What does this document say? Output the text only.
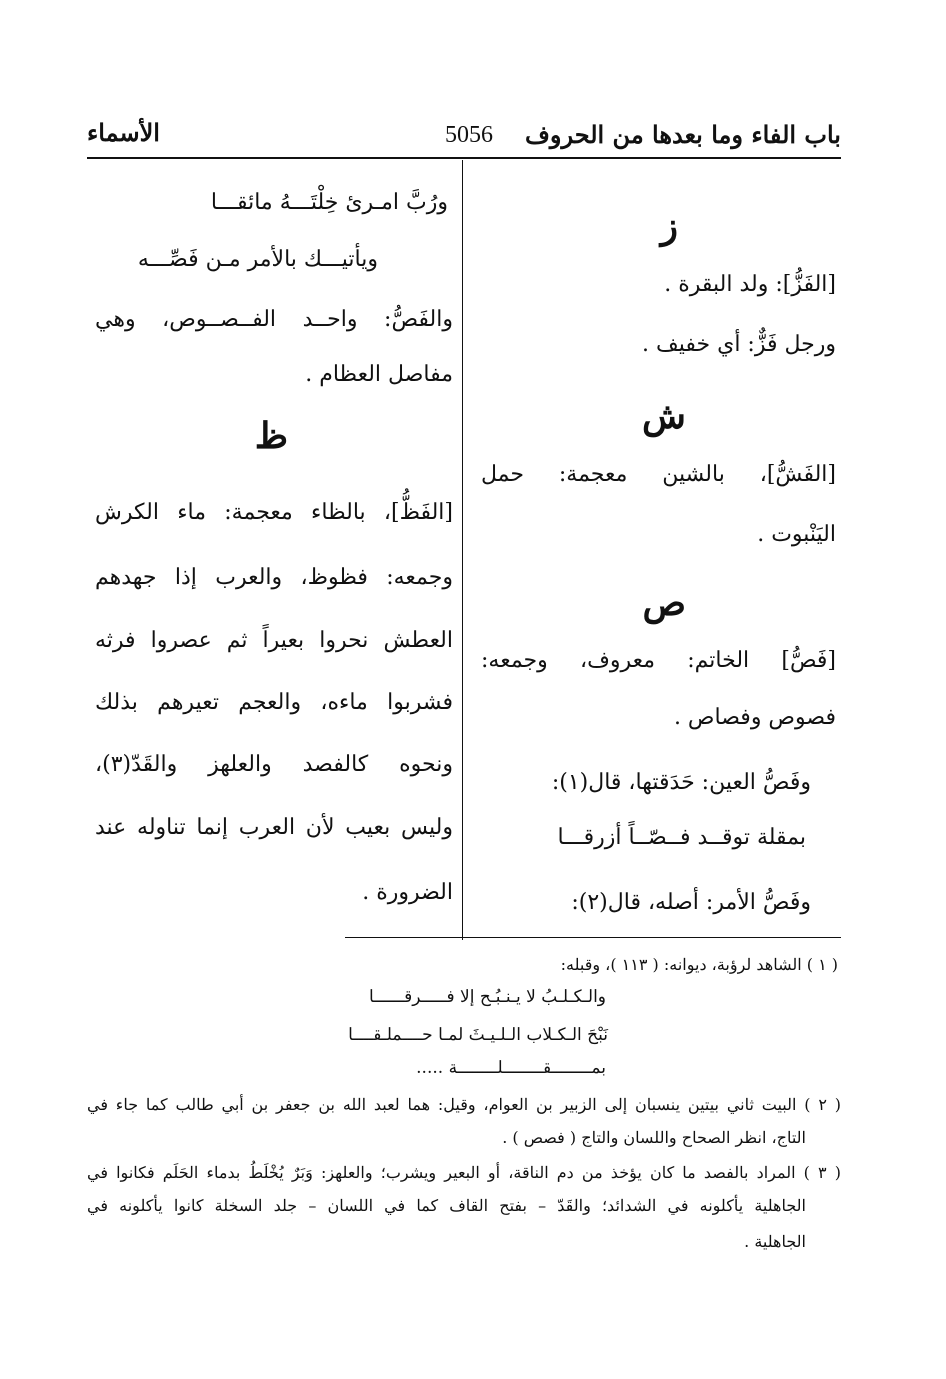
باب الفاء وما بعدها من الحروف
5056
الأسماء
ز
[الفَزُّ]: ولد البقرة .
ورجل فَزٌّ: أي خفيف .
ش
[الفَشُّ]، بالشين معجمة: حمل
اليَنْبوت .
ص
[فَصُّ] الخاتم: معروف، وجمعه:
فصوص وفصاص .
وفَصُّ العين: حَدَقتها، قال(١):
بمقلة توقــد فــصّــاً أزرقـــا
وفَصُّ الأمر: أصله، قال(٢):
ورُبَّ امـرئ خِلْتَـــهُ مائقـــا
ويأتيـــك بالأمر مـن فَصِّـــه
والفَصُّ: واحــد الفــصــوص، وهي
مفاصل العظام .
ظ
[الفَظُّ]، بالظاء معجمة: ماء الكرش
وجمعه: فظوظ، والعرب إذا جهدهم
العطش نحروا بعيراً ثم عصروا فرثه
فشربوا ماءه، والعجم تعيرهم بذلك
ونحوه كالفصد والعلهز والقَدّ(٣)،
وليس بعيب لأن العرب إنما تناوله عند
الضرورة .
( ١ ) الشاهد لرؤبة، ديوانه: ( ١١٣ )، وقبله:
والـكـلـبُ لا يـنـبُـح إلا فـــــرقــــــا
نَبْحَ الـكـلاب الـلـيـثَ لمـا حــــملـقــــا
بمــــــــقــــــــلــــــــة .....
( ٢ ) البيت ثاني بيتين ينسبان إلى الزبير بن العوام، وقيل: هما لعبد الله بن جعفر بن أبي طالب كما جاء في
التاج، انظر الصحاح واللسان والتاج ( فصص ) .
( ٣ ) المراد بالفصد ما كان يؤخذ من دم الناقة، أو البعير ويشرب؛ والعلهز: وَبَرٌ يُخْلَطُ بدماء الحَلَم فكانوا في
الجاهلية يأكلونه في الشدائد؛ والقَدّ – بفتح القاف كما في اللسان – جلد السخلة كانوا يأكلونه في
الجاهلية .
